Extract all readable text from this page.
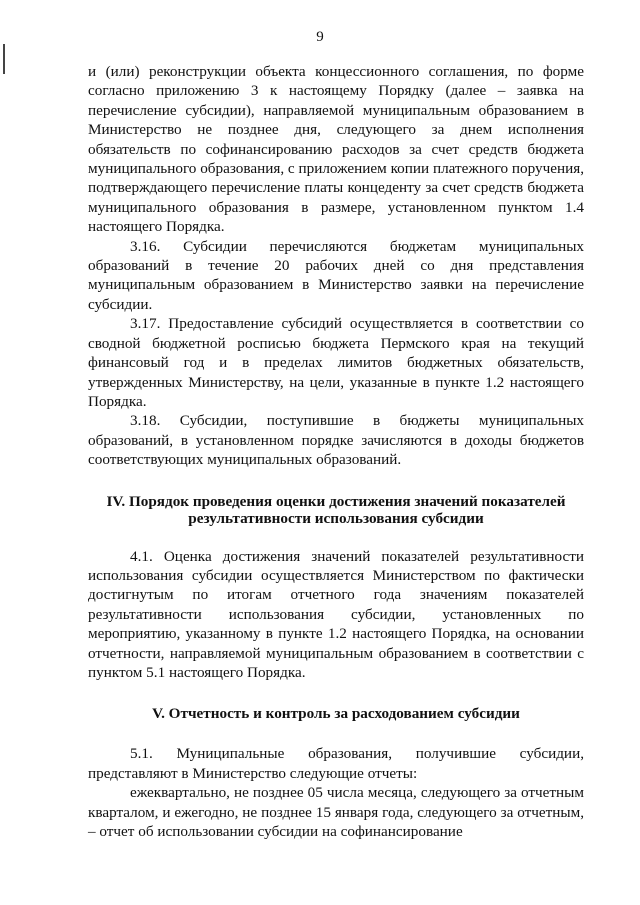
9

и (или) реконструкции объекта концессионного соглашения, по форме согласно приложению 3 к настоящему Порядку (далее – заявка на перечисление субсидии), направляемой муниципальным образованием в Министерство не позднее дня, следующего за днем исполнения обязательств по софинансированию расходов за счет средств бюджета муниципального образования, с приложением копии платежного поручения, подтверждающего перечисление платы концеденту за счет средств бюджета муниципального образования в размере, установленном пунктом 1.4 настоящего Порядка.

3.16. Субсидии перечисляются бюджетам муниципальных образований в течение 20 рабочих дней со дня представления муниципальным образованием в Министерство заявки на перечисление субсидии.

3.17. Предоставление субсидий осуществляется в соответствии со сводной бюджетной росписью бюджета Пермского края на текущий финансовый год и в пределах лимитов бюджетных обязательств, утвержденных Министерству, на цели, указанные в пункте 1.2 настоящего Порядка.

3.18. Субсидии, поступившие в бюджеты муниципальных образований, в установленном порядке зачисляются в доходы бюджетов соответствующих муниципальных образований.

IV. Порядок проведения оценки достижения значений показателей
результативности использования субсидии

4.1. Оценка достижения значений показателей результативности использования субсидии осуществляется Министерством по фактически достигнутым по итогам отчетного года значениям показателей результативности использования субсидии, установленных по мероприятию, указанному в пункте 1.2 настоящего Порядка, на основании отчетности, направляемой муниципальным образованием в соответствии с пунктом 5.1 настоящего Порядка.

V. Отчетность и контроль за расходованием субсидии

5.1. Муниципальные образования, получившие субсидии, представляют в Министерство следующие отчеты:

ежеквартально, не позднее 05 числа месяца, следующего за отчетным кварталом, и ежегодно, не позднее 15 января года, следующего за отчетным, – отчет об использовании субсидии на софинансирование
